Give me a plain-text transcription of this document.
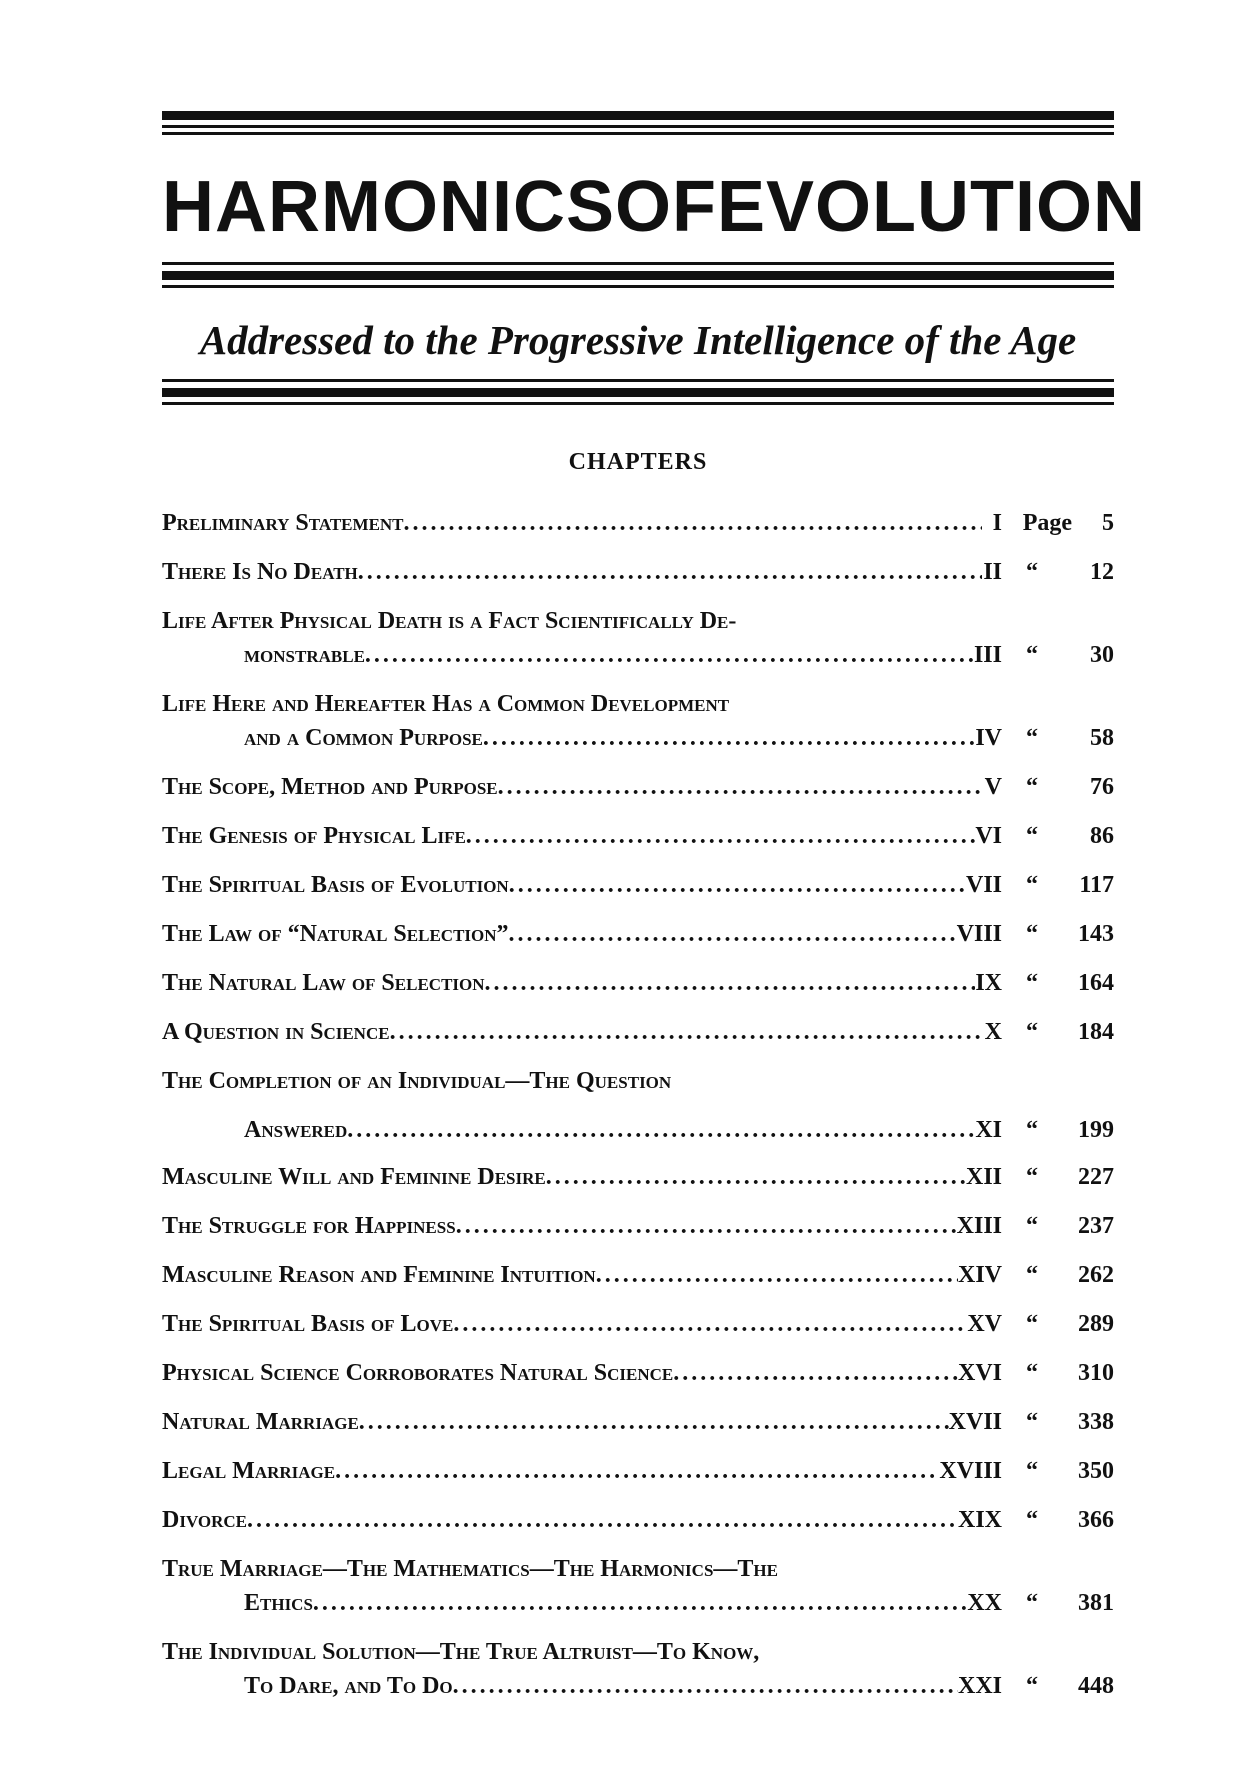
HARMONICS OF EVOLUTION
Addressed to the Progressive Intelligence of the Age
CHAPTERS
Preliminary Statement .....	I Page	5
There Is No Death .....	II	“	12
Life After Physical Death is a Fact Scientifically De-
monstrable .....	III	“	30
Life Here and Hereafter Has a Common Development
and a Common Purpose .....	IV	“	58
The Scope, Method and Purpose .....	V	“	76
The Genesis of Physical Life .....	VI	“	86
The Spiritual Basis of Evolution .....	VII	“	117
The Law of “Natural Selection” .....	VIII	“	143
The Natural Law of Selection .....	IX	“	164
A Question in Science .....	X	“	184
The Completion of an Individual—The Question
Answered .....	XI	“	199
Masculine Will and Feminine Desire .....	XII	“	227
The Struggle for Happiness .....	XIII	“	237
Masculine Reason and Feminine Intuition .....	XIV	“	262
The Spiritual Basis of Love .....	XV	“	289
Physical Science Corroborates Natural Science .....	XVI	“	310
Natural Marriage .....	XVII	“	338
Legal Marriage .....	XVIII	“	350
Divorce .....	XIX	“	366
True Marriage—The Mathematics—The Harmonics—The
Ethics .....	XX	“	381
The Individual Solution—The True Altruist—To Know,
To Dare, and To Do .....	XXI	“	448
